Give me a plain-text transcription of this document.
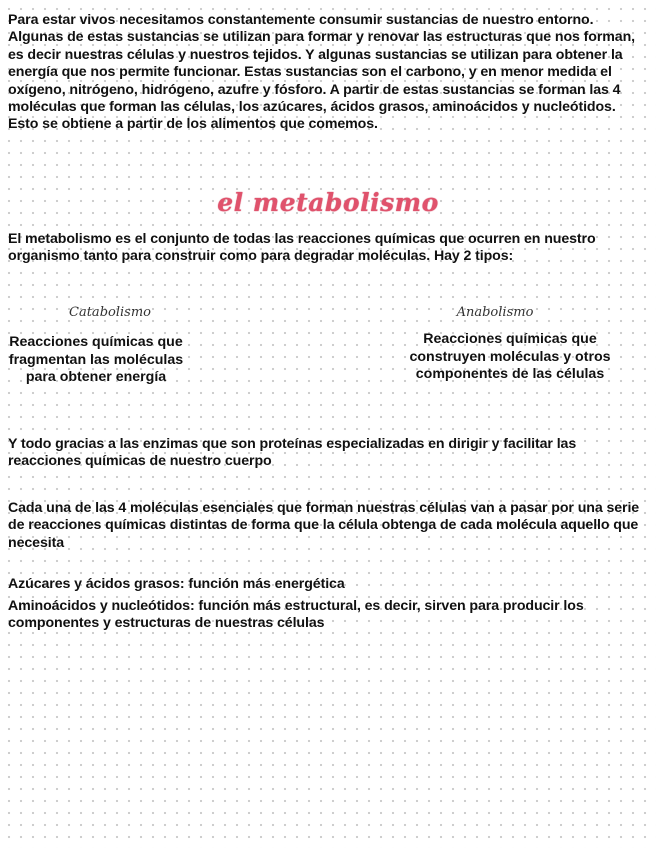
Para estar vivos necesitamos constantemente consumir sustancias de nuestro entorno. Algunas de estas sustancias se utilizan para formar y renovar las estructuras que nos forman, es decir nuestras células y nuestros tejidos. Y algunas sustancias se utilizan para obtener la energía que nos permite funcionar. Estas sustancias son el carbono, y en menor medida el oxígeno, nitrógeno, hidrógeno, azufre y fósforo. A partir de estas sustancias se forman las 4 moléculas que forman las células, los azúcares, ácidos grasos, aminoácidos y nucleótidos. Esto se obtiene a partir de los alimentos que comemos.

el metabolismo

El metabolismo es el conjunto de todas las reacciones químicas que ocurren en nuestro organismo tanto para construir como para degradar moléculas. Hay 2 tipos:

Catabolismo

Reacciones químicas que fragmentan las moléculas para obtener energía

Anabolismo

Reacciones químicas que construyen moléculas y otros componentes de las células

Y todo gracias a las enzimas que son proteínas especializadas en dirigir y facilitar las reacciones químicas de nuestro cuerpo

Cada una de las 4 moléculas esenciales que forman nuestras células van a pasar por una serie de reacciones químicas distintas de forma que la célula obtenga de cada molécula aquello que necesita

Azúcares y ácidos grasos: función más energética

Aminoácidos y nucleótidos: función más estructural, es decir, sirven para producir los componentes y estructuras de nuestras células
